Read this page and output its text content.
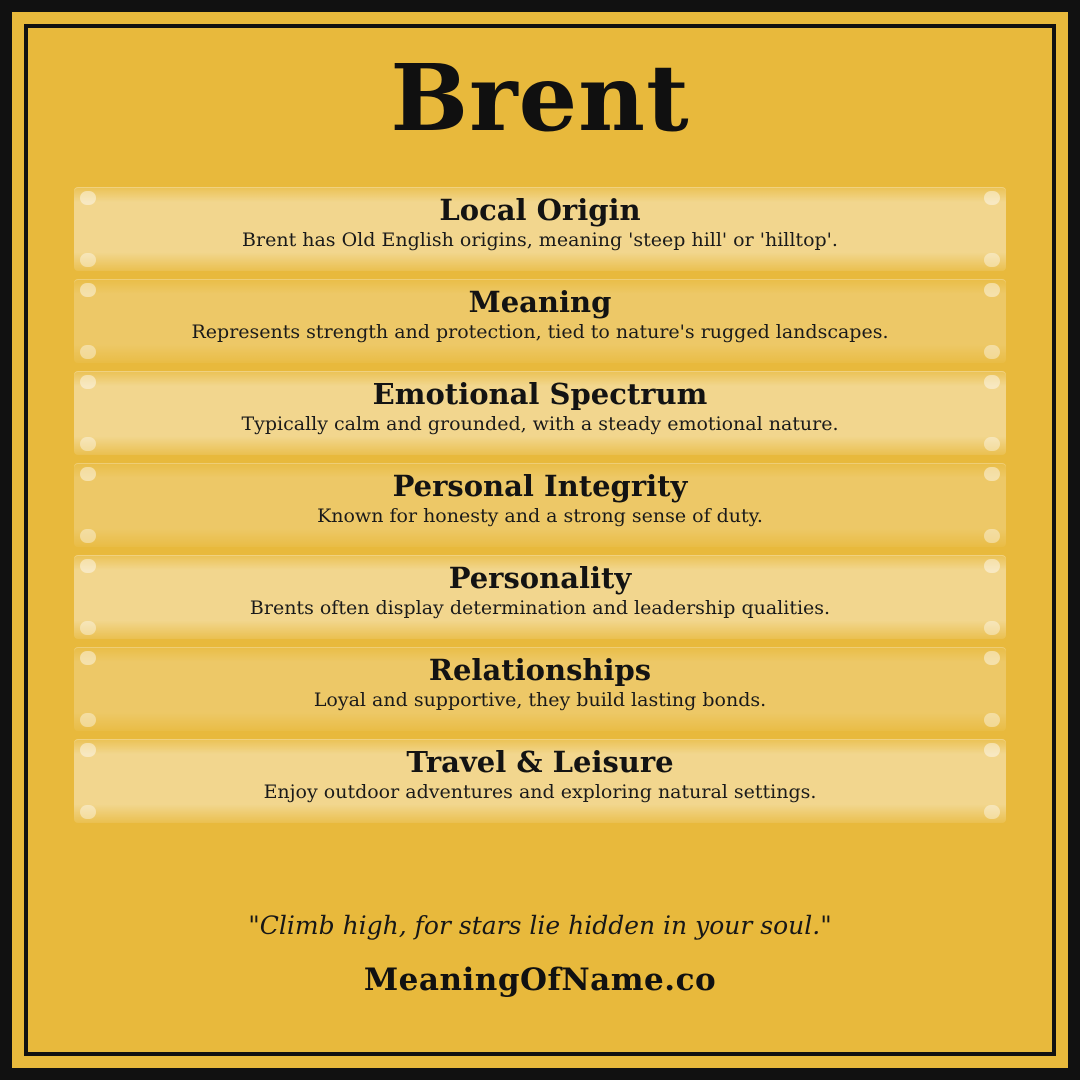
Brent
Local Origin
Brent has Old English origins, meaning 'steep hill' or 'hilltop'.
Meaning
Represents strength and protection, tied to nature's rugged landscapes.
Emotional Spectrum
Typically calm and grounded, with a steady emotional nature.
Personal Integrity
Known for honesty and a strong sense of duty.
Personality
Brents often display determination and leadership qualities.
Relationships
Loyal and supportive, they build lasting bonds.
Travel & Leisure
Enjoy outdoor adventures and exploring natural settings.
"Climb high, for stars lie hidden in your soul."
MeaningOfName.co
